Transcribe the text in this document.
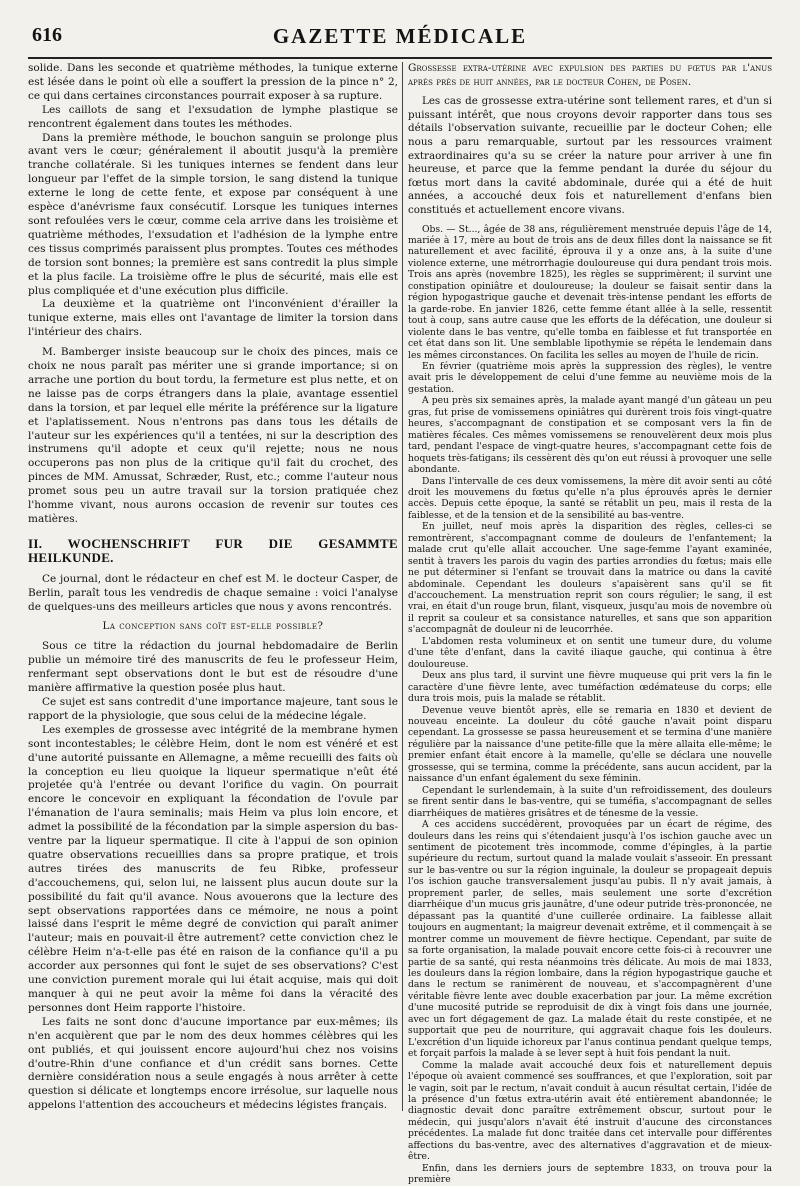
616	GAZETTE MÉDICALE

solide. Dans les seconde et quatrième méthodes, la tunique externe est lésée dans le point où elle a souffert la pression de la pince n° 2, ce qui dans certaines circonstances pourrait exposer à sa rupture.

Les caillots de sang et l'exsudation de lymphe plastique se rencontrent également dans toutes les méthodes.

Dans la première méthode, le bouchon sanguin se prolonge plus avant vers le cœur; généralement il aboutit jusqu'à la première tranche collatérale. Si les tuniques internes se fendent dans leur longueur par l'effet de la simple torsion, le sang distend la tunique externe le long de cette fente, et expose par conséquent à une espèce d'anévrisme faux consécutif. Lorsque les tuniques internes sont refoulées vers le cœur, comme cela arrive dans les troisième et quatrième méthodes, l'exsudation et l'adhésion de la lymphe entre ces tissus comprimés paraissent plus promptes. Toutes ces méthodes de torsion sont bonnes; la première est sans contredit la plus simple et la plus facile. La troisième offre le plus de sécurité, mais elle est plus compliquée et d'une exécution plus difficile.

La deuxième et la quatrième ont l'inconvénient d'érailler la tunique externe, mais elles ont l'avantage de limiter la torsion dans l'intérieur des chairs.

M. Bamberger insiste beaucoup sur le choix des pinces, mais ce choix ne nous paraît pas mériter une si grande importance; si on arrache une portion du bout tordu, la fermeture est plus nette, et on ne laisse pas de corps étrangers dans la plaie, avantage essentiel dans la torsion, et par lequel elle mérite la préférence sur la ligature et l'aplatissement. Nous n'entrons pas dans tous les détails de l'auteur sur les expériences qu'il a tentées, ni sur la description des instrumens qu'il adopte et ceux qu'il rejette; nous ne nous occuperons pas non plus de la critique qu'il fait du crochet, des pinces de MM. Amussat, Schræder, Rust, etc.; comme l'auteur nous promet sous peu un autre travail sur la torsion pratiquée chez l'homme vivant, nous aurons occasion de revenir sur toutes ces matières.

II. WOCHENSCHRIFT FUR DIE GESAMMTE HEILKUNDE.

Ce journal, dont le rédacteur en chef est M. le docteur Casper, de Berlin, paraît tous les vendredis de chaque semaine : voici l'analyse de quelques-uns des meilleurs articles que nous y avons rencontrés.

La conception sans coït est-elle possible?

Sous ce titre la rédaction du journal hebdomadaire de Berlin publie un mémoire tiré des manuscrits de feu le professeur Heim, renfermant sept observations dont le but est de résoudre d'une manière affirmative la question posée plus haut.

Ce sujet est sans contredit d'une importance majeure, tant sous le rapport de la physiologie, que sous celui de la médecine légale.

Les exemples de grossesse avec intégrité de la membrane hymen sont incontestables; le célèbre Heim, dont le nom est vénéré et est d'une autorité puissante en Allemagne, a même recueilli des faits où la conception eu lieu quoique la liqueur spermatique n'eût été projetée qu'à l'entrée ou devant l'orifice du vagin. On pourrait encore le concevoir en expliquant la fécondation de l'ovule par l'émanation de l'aura seminalis; mais Heim va plus loin encore, et admet la possibilité de la fécondation par la simple aspersion du bas-ventre par la liqueur spermatique. Il cite à l'appui de son opinion quatre observations recueillies dans sa propre pratique, et trois autres tirées des manuscrits de feu Ribke, professeur d'accouchemens, qui, selon lui, ne laissent plus aucun doute sur la possibilité du fait qu'il avance. Nous avouerons que la lecture des sept observations rapportées dans ce mémoire, ne nous a point laissé dans l'esprit le même degré de conviction qui paraît animer l'auteur; mais en pouvait-il être autrement? cette conviction chez le célèbre Heim n'a-t-elle pas été en raison de la confiance qu'il a pu accorder aux personnes qui font le sujet de ses observations? C'est une conviction purement morale qui lui était acquise, mais qui doit manquer à qui ne peut avoir la même foi dans la véracité des personnes dont Heim rapporte l'histoire.

Les faits ne sont donc d'aucune importance par eux-mêmes; ils n'en acquièrent que par le nom des deux hommes célèbres qui les ont publiés, et qui jouissent encore aujourd'hui chez nos voisins d'outre-Rhin d'une confiance et d'un crédit sans bornes. Cette dernière considération nous a seule engagés à nous arrêter à cette question si délicate et longtemps encore irrésolue, sur laquelle nous appelons l'attention des accoucheurs et médecins légistes français.

Grossesse extra-utérine avec expulsion des parties du fœtus par l'anus après près de huit années, par le docteur Cohen, de Posen.

Les cas de grossesse extra-utérine sont tellement rares, et d'un si puissant intérêt, que nous croyons devoir rapporter dans tous ses détails l'observation suivante, recueillie par le docteur Cohen; elle nous a paru remarquable, surtout par les ressources vraiment extraordinaires qu'a su se créer la nature pour arriver à une fin heureuse, et parce que la femme pendant la durée du séjour du fœtus mort dans la cavité abdominale, durée qui a été de huit années, a accouché deux fois et naturellement d'enfans bien constitués et actuellement encore vivans.

Obs. — St..., âgée de 38 ans, régulièrement menstruée depuis l'âge de 14, mariée à 17, mère au bout de trois ans de deux filles dont la naissance se fit naturellement et avec facilité, éprouva il y a onze ans, à la suite d'une violence externe, une métrorrhagie douloureuse qui dura pendant trois mois. Trois ans après (novembre 1825), les règles se supprimèrent; il survint une constipation opiniâtre et douloureuse; la douleur se faisait sentir dans la région hypogastrique gauche et devenait très-intense pendant les efforts de la garde-robe. En janvier 1826, cette femme étant allée à la selle, ressentit tout à coup, sans autre cause que les efforts de la défécation, une douleur si violente dans le bas ventre, qu'elle tomba en faiblesse et fut transportée en cet état dans son lit. Une semblable lipothymie se répéta le lendemain dans les mêmes circonstances. On facilita les selles au moyen de l'huile de ricin.

En février (quatrième mois après la suppression des règles), le ventre avait pris le développement de celui d'une femme au neuvième mois de la gestation.

A peu près six semaines après, la malade ayant mangé d'un gâteau un peu gras, fut prise de vomissemens opiniâtres qui durèrent trois fois vingt-quatre heures, s'accompagnant de constipation et se composant vers la fin de matières fécales. Ces mêmes vomissemens se renouvelèrent deux mois plus tard, pendant l'espace de vingt-quatre heures, s'accompagnant cette fois de hoquets très-fatigans; ils cessèrent dès qu'on eut réussi à provoquer une selle abondante.

Dans l'intervalle de ces deux vomissemens, la mère dit avoir senti au côté droit les mouvemens du fœtus qu'elle n'a plus éprouvés après le dernier accès. Depuis cette époque, la santé se rétablit un peu, mais il resta de la faiblesse, et de la tension et de la sensibilité au bas-ventre.

En juillet, neuf mois après la disparition des règles, celles-ci se remontrèrent, s'accompagnant comme de douleurs de l'enfantement; la malade crut qu'elle allait accoucher. Une sage-femme l'ayant examinée, sentit à travers les parois du vagin des parties arrondies du fœtus; mais elle ne put déterminer si l'enfant se trouvait dans la matrice ou dans la cavité abdominale. Cependant les douleurs s'apaisèrent sans qu'il se fit d'accouchement. La menstruation reprit son cours régulier; le sang, il est vrai, en était d'un rouge brun, filant, visqueux, jusqu'au mois de novembre où il reprit sa couleur et sa consistance naturelles, et sans que son apparition s'accompagnât de douleur ni de leucorrhée.

L'abdomen resta volumineux et on sentit une tumeur dure, du volume d'une tête d'enfant, dans la cavité iliaque gauche, qui continua à être douloureuse.

Deux ans plus tard, il survint une fièvre muqueuse qui prit vers la fin le caractère d'une fièvre lente, avec tuméfaction œdémateuse du corps; elle dura trois mois, puis la malade se rétablit.

Devenue veuve bientôt après, elle se remaria en 1830 et devient de nouveau enceinte. La douleur du côté gauche n'avait point disparu cependant. La grossesse se passa heureusement et se termina d'une manière régulière par la naissance d'une petite-fille que la mère allaita elle-même; le premier enfant était encore à la mamelle, qu'elle se déclara une nouvelle grossesse, qui se termina, comme la précédente, sans aucun accident, par la naissance d'un enfant également du sexe féminin.

Cependant le surlendemain, à la suite d'un refroidissement, des douleurs se firent sentir dans le bas-ventre, qui se tuméfia, s'accompagnant de selles diarrhéiques de matières grisâtres et de ténesme de la vessie.

A ces accidens succédèrent, provoquées par un écart de régime, des douleurs dans les reins qui s'étendaient jusqu'à l'os ischion gauche avec un sentiment de picotement très incommode, comme d'épingles, à la partie supérieure du rectum, surtout quand la malade voulait s'asseoir. En pressant sur le bas-ventre ou sur la région inguinale, la douleur se propageait depuis l'os ischion gauche transversalement jusqu'au pubis. Il n'y avait jamais, à proprement parler, de selles, mais seulement une sorte d'excrétion diarrhéique d'un mucus gris jaunâtre, d'une odeur putride très-prononcée, ne dépassant pas la quantité d'une cuillerée ordinaire. La faiblesse allait toujours en augmentant; la maigreur devenait extrême, et il commençait à se montrer comme un mouvement de fièvre hectique. Cependant, par suite de sa forte organisation, la malade pouvait encore cette fois-ci à recouvrer une partie de sa santé, qui resta néanmoins très délicate. Au mois de mai 1833, les douleurs dans la région lombaire, dans la région hypogastrique gauche et dans le rectum se ranimèrent de nouveau, et s'accompagnèrent d'une véritable fièvre lente avec double exacerbation par jour. La même excrétion d'une mucosité putride se reproduisit de dix à vingt fois dans une journée, avec un fort dégagement de gaz. La malade était du reste constipée, et ne supportait que peu de nourriture, qui aggravait chaque fois les douleurs. L'excrétion d'un liquide ichoreux par l'anus continua pendant quelque temps, et forçait parfois la malade à se lever sept à huit fois pendant la nuit.

Comme la malade avait accouché deux fois et naturellement depuis l'époque où avaient commencé ses souffrances, et que l'exploration, soit par le vagin, soit par le rectum, n'avait conduit à aucun résultat certain, l'idée de la présence d'un fœtus extra-utérin avait été entièrement abandonnée; le diagnostic devait donc paraître extrêmement obscur, surtout pour le médecin, qui jusqu'alors n'avait été instruit d'aucune des circonstances précédentes. La malade fut donc traitée dans cet intervalle pour différentes affections du bas-ventre, avec des alternatives d'aggravation et de mieux-être.

Enfin, dans les derniers jours de septembre 1833, on trouva pour la première
